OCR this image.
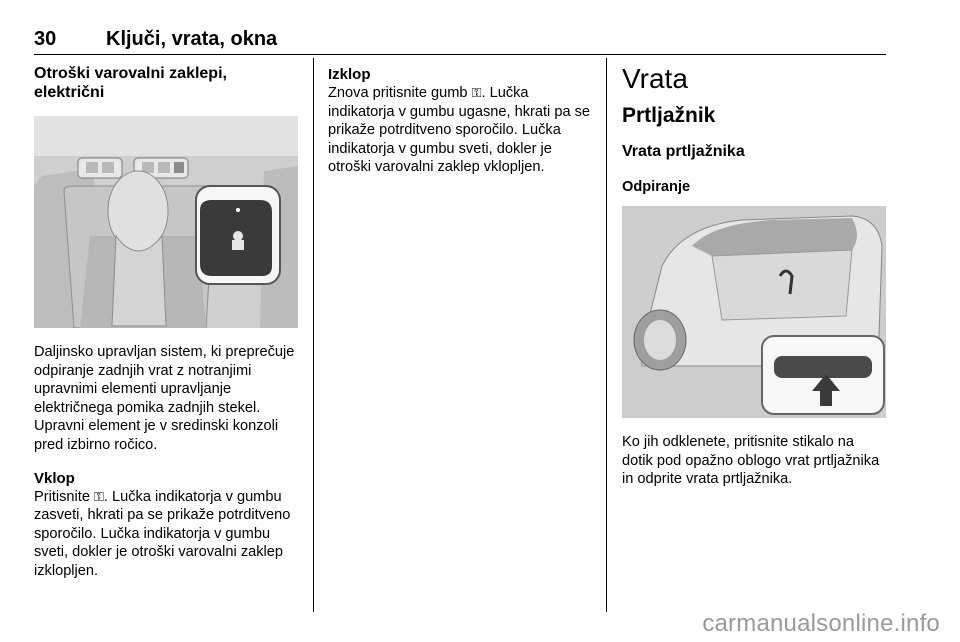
30 Ključi, vrata, okna
Otroški varovalni zaklepi, električni

Daljinsko upravljan sistem, ki preprečuje odpiranje zadnjih vrat z notranjimi upravnimi elementi upravljanje električnega pomika zadnjih stekel. Upravni element je v sredinski konzoli pred izbirno ročico.

Vklop

Pritisnite ⚿. Lučka indikatorja v gumbu zasveti, hkrati pa se prikaže potrditveno sporočilo. Lučka indikatorja v gumbu sveti, dokler je otroški varovalni zaklep izklopljen.

Izklop

Znova pritisnite gumb ⚿. Lučka indikatorja v gumbu ugasne, hkrati pa se prikaže potrditveno sporočilo. Lučka indikatorja v gumbu sveti, dokler je otroški varovalni zaklep vklopljen.

Vrata
Prtljažnik
Vrata prtljažnika
Odpiranje

Ko jih odklenete, pritisnite stikalo na dotik pod opažno oblogo vrat prtljažnika in odprite vrata prtljažnika.

carmanualsonline.info
